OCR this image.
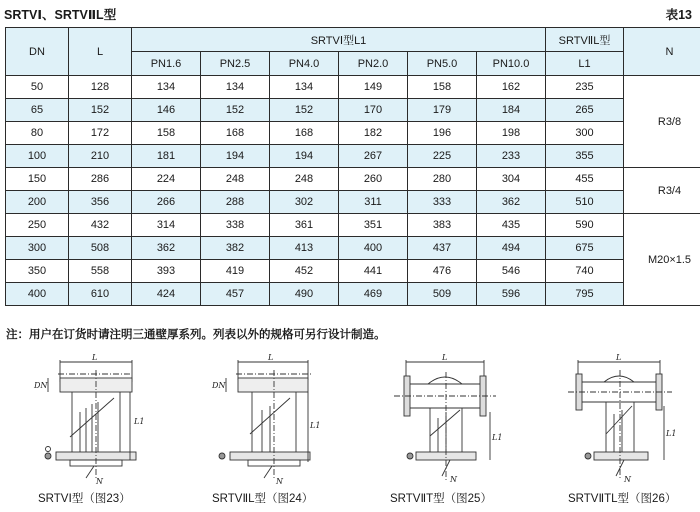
SRTVⅠ、SRTVⅡL型	表13
DN	L	SRTVⅠ型L1						SRTVⅡL型	N
		PN1.6	PN2.5	PN4.0	PN2.0	PN5.0	PN10.0	L1	
50	128	134	134	134	149	158	162	235	R3/8
65	152	146	152	152	170	179	184	265	
80	172	158	168	168	182	196	198	300	
100	210	181	194	194	267	225	233	355	
150	286	224	248	248	260	280	304	455	R3/4
200	356	266	288	302	311	333	362	510	
250	432	314	338	361	351	383	435	590	M20×1.5
300	508	362	382	413	400	437	494	675	
350	558	393	419	452	441	476	546	740	
400	610	424	457	490	469	509	596	795	
注：用户在订货时请注明三通壁厚系列。列表以外的规格可另行设计制造。
L
L1
DN
N
SRTVⅠ型（图23）
L
L1
DN
N
SRTVⅡL型（图24）
L
L1
N
SRTVⅡT型（图25）
L
L1
N
SRTVⅡTL型（图26）
